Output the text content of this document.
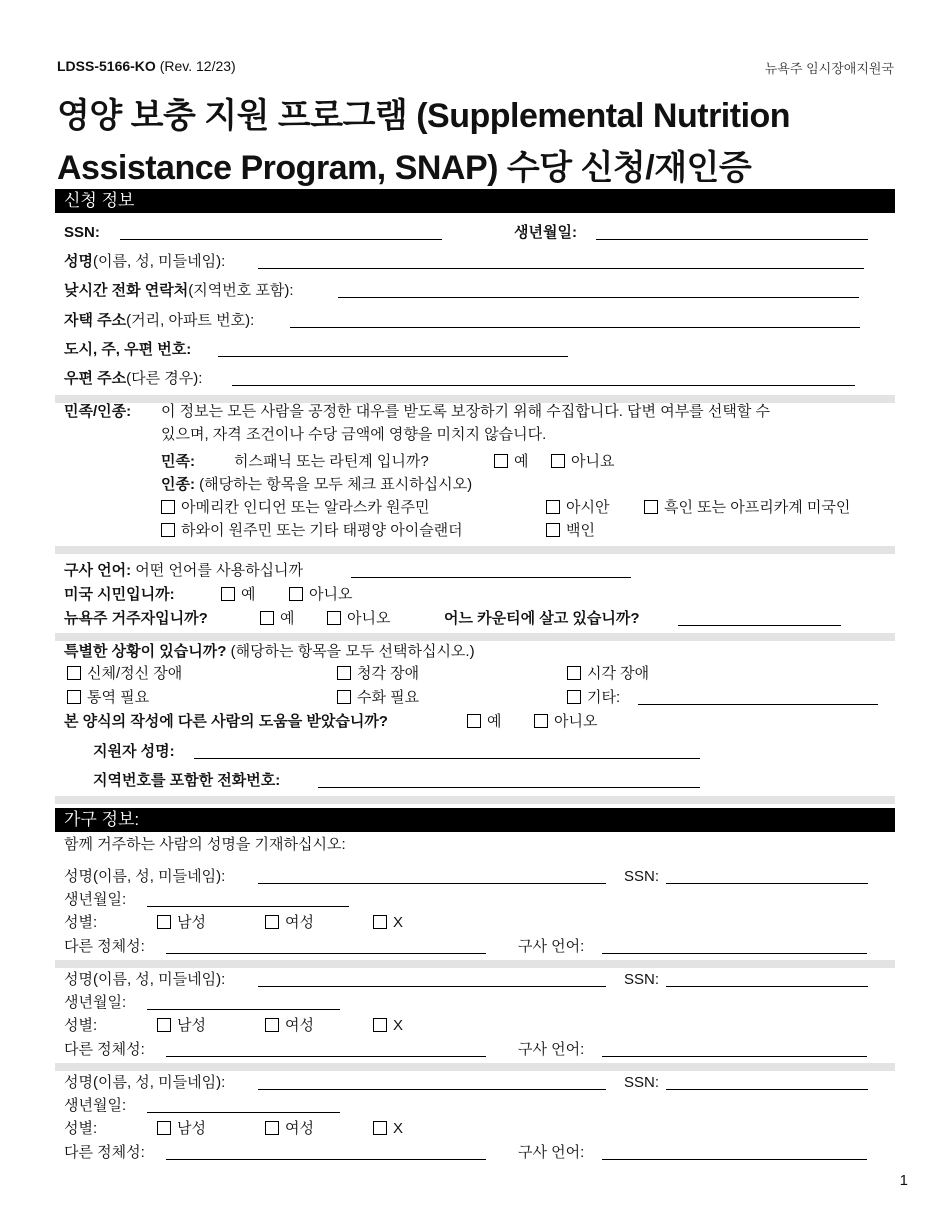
LDSS-5166-KO (Rev. 12/23)	뉴욕주 임시장애지원국
영양 보충 지원 프로그램 (Supplemental Nutrition
Assistance Program, SNAP) 수당 신청/재인증
신청 정보
SSN:	생년월일:
성명(이름, 성, 미들네임):
낮시간 전화 연락처(지역번호 포함):
자택 주소(거리, 아파트 번호):
도시, 주, 우편 번호:
우편 주소(다른 경우):
민족/인종: 이 정보는 모든 사람을 공정한 대우를 받도록 보장하기 위해 수집합니다. 답변 여부를 선택할 수
있으며, 자격 조건이나 수당 금액에 영향을 미치지 않습니다.
민족:	히스패닉 또는 라틴계 입니까?	예	아니요
인종: (해당하는 항목을 모두 체크 표시하십시오)
아메리칸 인디언 또는 알라스카 원주민	아시안	흑인 또는 아프리카계 미국인
하와이 원주민 또는 기타 태평양 아이슬랜더	백인
구사 언어: 어떤 언어를 사용하십니까
미국 시민입니까:	예	아니오
뉴욕주 거주자입니까?	예	아니오	어느 카운티에 살고 있습니까?
특별한 상황이 있습니까? (해당하는 항목을 모두 선택하십시오.)
신체/정신 장애	청각 장애	시각 장애
통역 필요	수화 필요	기타:
본 양식의 작성에 다른 사람의 도움을 받았습니까?	예	아니오
지원자 성명:
지역번호를 포함한 전화번호:
가구 정보:
함께 거주하는 사람의 성명을 기재하십시오:
성명(이름, 성, 미들네임):	SSN:
생년월일:
성별:	남성	여성	X
다른 정체성:	구사 언어:
성명(이름, 성, 미들네임):	SSN:
생년월일:
성별:	남성	여성	X
다른 정체성:	구사 언어:
성명(이름, 성, 미들네임):	SSN:
생년월일:
성별:	남성	여성	X
다른 정체성:	구사 언어:
1
